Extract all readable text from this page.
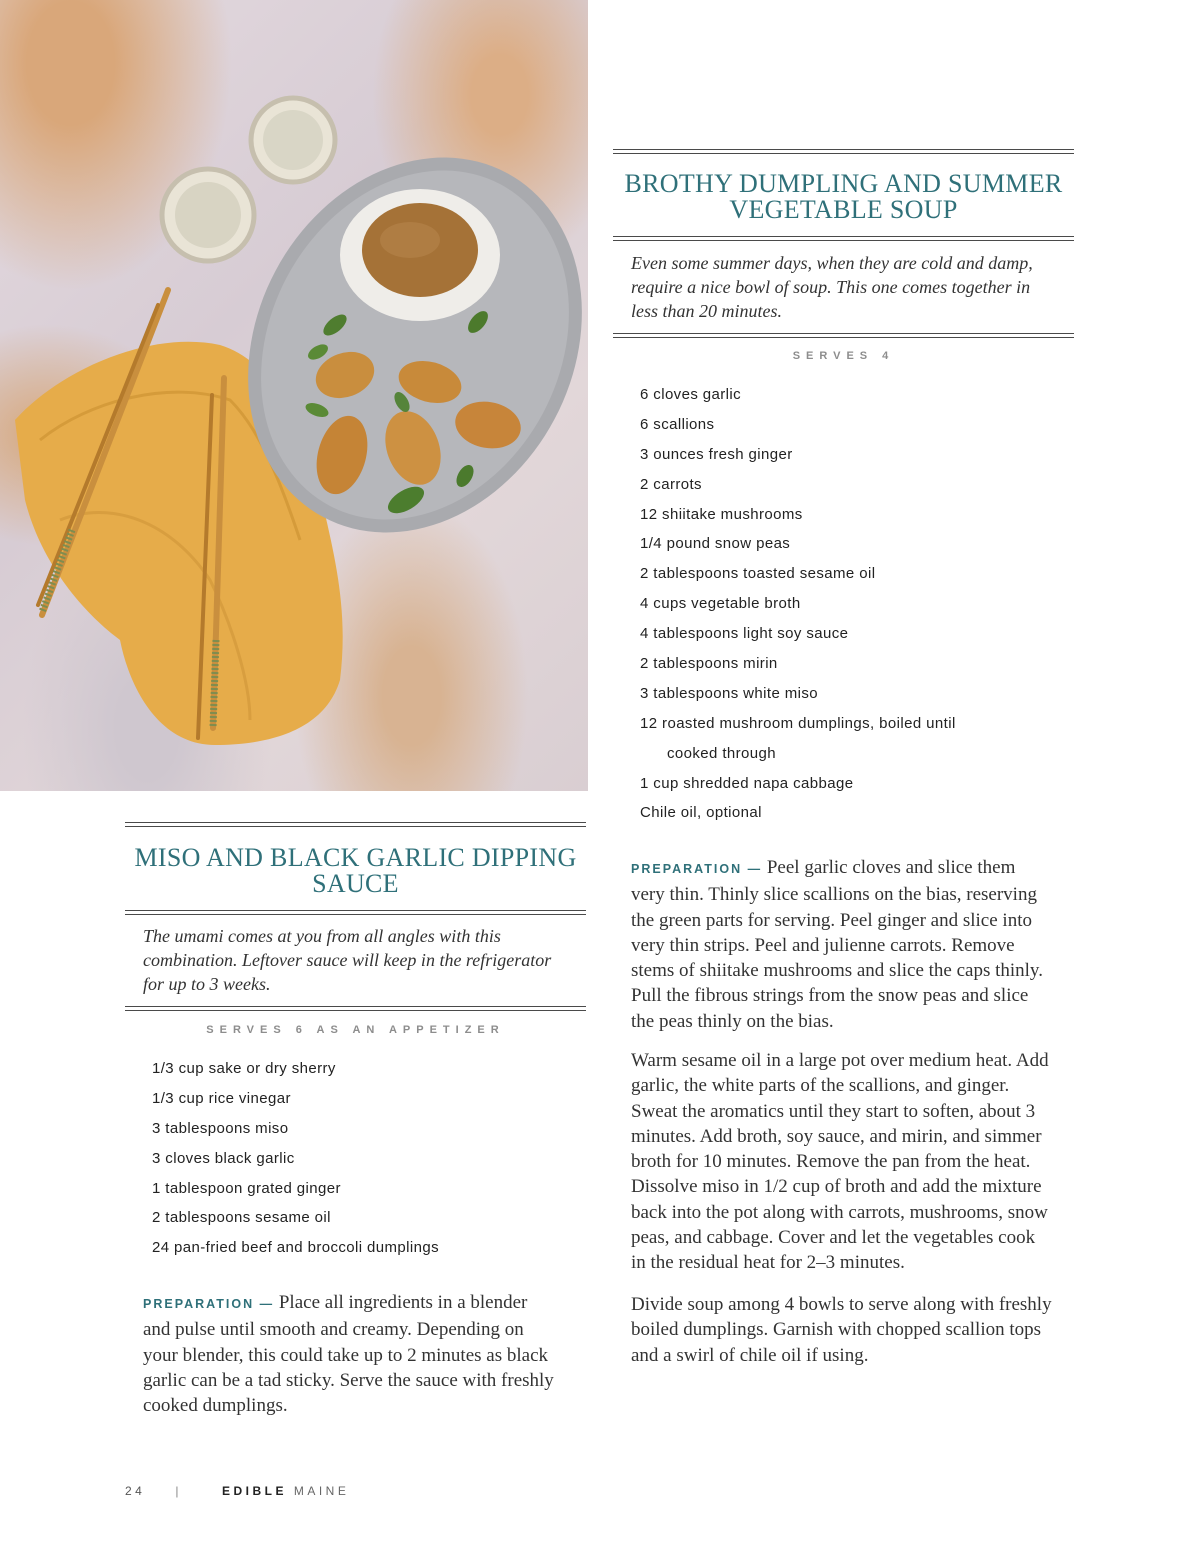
BROTHY DUMPLING AND SUMMER VEGETABLE SOUP
Even some summer days, when they are cold and damp, require a nice bowl of soup. This one comes together in less than 20 minutes.
SERVES 4
6 cloves garlic
6 scallions
3 ounces fresh ginger
2 carrots
12 shiitake mushrooms
1/4 pound snow peas
2 tablespoons toasted sesame oil
4 cups vegetable broth
4 tablespoons light soy sauce
2 tablespoons mirin
3 tablespoons white miso
12 roasted mushroom dumplings, boiled until
cooked through
1 cup shredded napa cabbage
Chile oil, optional

PREPARATION — Peel garlic cloves and slice them very thin. Thinly slice scallions on the bias, reserving the green parts for serving. Peel ginger and slice into very thin strips. Peel and julienne carrots. Remove stems of shiitake mushrooms and slice the caps thinly. Pull the fibrous strings from the snow peas and slice the peas thinly on the bias.

Warm sesame oil in a large pot over medium heat. Add garlic, the white parts of the scallions, and ginger. Sweat the aromatics until they start to soften, about 3 minutes. Add broth, soy sauce, and mirin, and simmer broth for 10 minutes. Remove the pan from the heat. Dissolve miso in 1/2 cup of broth and add the mixture back into the pot along with carrots, mushrooms, snow peas, and cabbage. Cover and let the vegetables cook in the residual heat for 2–3 minutes.

Divide soup among 4 bowls to serve along with freshly boiled dumplings. Garnish with chopped scallion tops and a swirl of chile oil if using.

MISO AND BLACK GARLIC DIPPING SAUCE
The umami comes at you from all angles with this combination. Leftover sauce will keep in the refrigerator for up to 3 weeks.
SERVES 6 AS AN APPETIZER
1/3 cup sake or dry sherry
1/3 cup rice vinegar
3 tablespoons miso
3 cloves black garlic
1 tablespoon grated ginger
2 tablespoons sesame oil
24 pan-fried beef and broccoli dumplings

PREPARATION — Place all ingredients in a blender and pulse until smooth and creamy. Depending on your blender, this could take up to 2 minutes as black garlic can be a tad sticky. Serve the sauce with freshly cooked dumplings.

24	|	EDIBLE MAINE
